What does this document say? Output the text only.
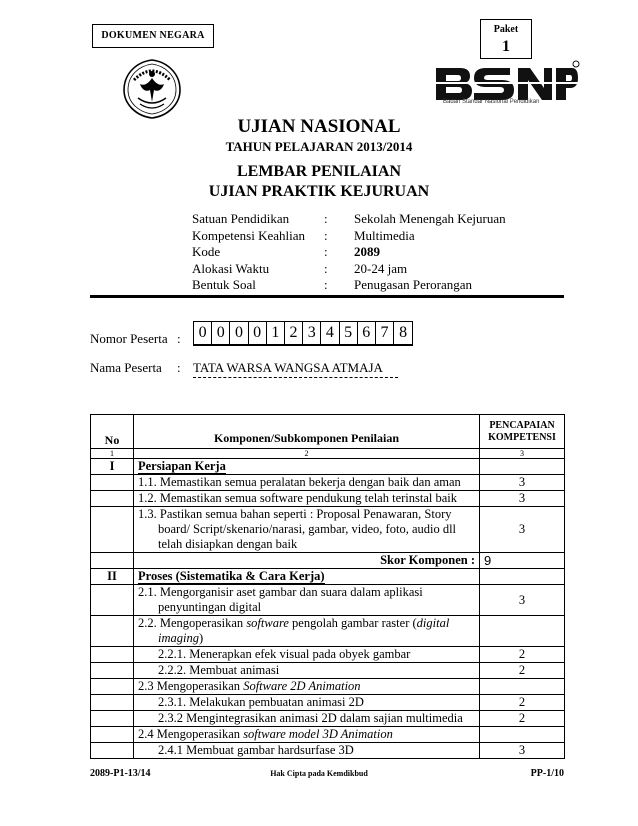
DOKUMEN NEGARA
Paket
1
Badan Standar Nasional Pendidikan
UJIAN NASIONAL
TAHUN PELAJARAN 2013/2014
LEMBAR PENILAIAN
UJIAN PRAKTIK KEJURUAN
Satuan Pendidikan	: Sekolah Menengah Kejuruan
Kompetensi Keahlian : Multimedia
Kode	: 2089
Alokasi Waktu	: 20-24 jam
Bentuk Soal	: Penugasan Perorangan
Nomor Peserta : 0 0 0 0 1 2 3 4 5 6 7 8
Nama Peserta : TATA WARSA WANGSA ATMAJA
No	Komponen/Subkomponen Penilaian	PENCAPAIAN KOMPETENSI
1	2	3
I	Persiapan Kerja	
	1.1. Memastikan semua peralatan bekerja dengan baik dan aman	3
	1.2. Memastikan semua software pendukung telah terinstal baik	3
	1.3. Pastikan semua bahan seperti : Proposal Penawaran, Story board/ Script/skenario/narasi, gambar, video, foto, audio dll telah disiapkan dengan baik	3
	Skor Komponen :	9
II	Proses (Sistematika & Cara Kerja)	
	2.1. Mengorganisir aset gambar dan suara dalam aplikasi penyuntingan digital	3
	2.2. Mengoperasikan software pengolah gambar raster (digital imaging)	
	2.2.1. Menerapkan efek visual pada obyek gambar	2
	2.2.2. Membuat animasi	2
	2.3 Mengoperasikan Software 2D Animation	
	2.3.1. Melakukan pembuatan animasi 2D	2
	2.3.2 Mengintegrasikan animasi 2D dalam sajian multimedia	2
	2.4 Mengoperasikan software model 3D Animation	
	2.4.1 Membuat gambar hardsurfase 3D	3
2089-P1-13/14	Hak Cipta pada Kemdikbud	PP-1/10
